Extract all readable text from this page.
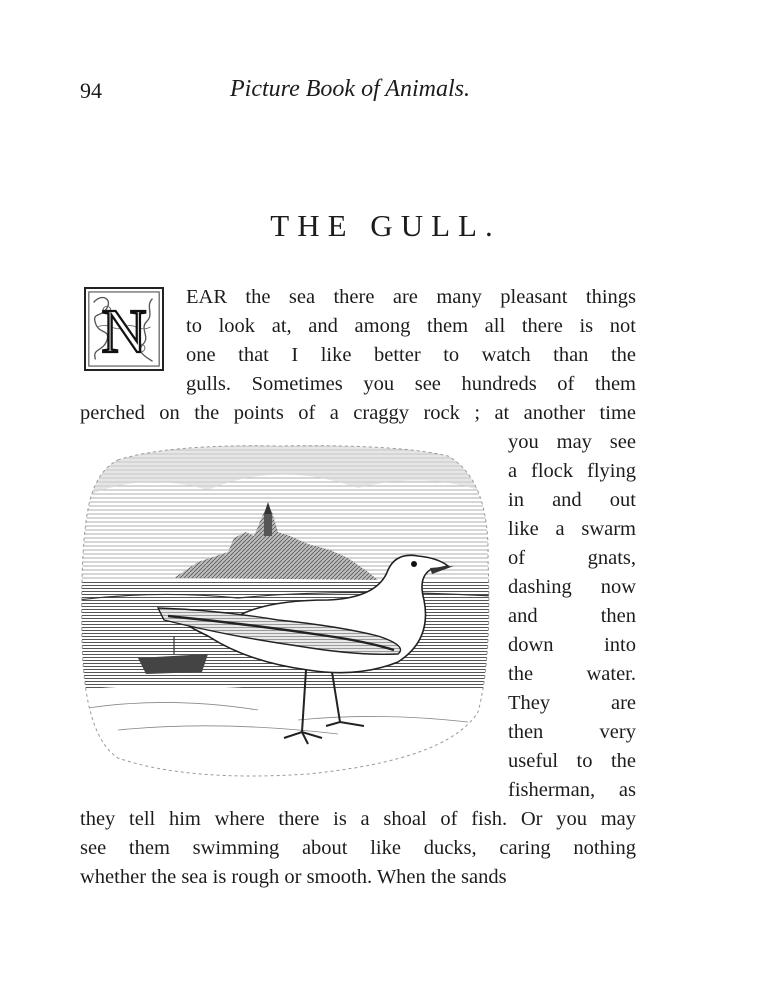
94	Picture Book of Animals.
THE GULL.
N EAR the sea there are many pleasant things
to look at, and among them all there is not
one that I like better to watch than the
gulls. Sometimes you see hundreds of them
perched on the points of a craggy rock ; at another time
you may see
a flock flying
in and out
like a swarm
of gnats,
dashing now
and then
down into
the water.
They are
then very
useful to the
fisherman, as
they tell him where there is a shoal of fish. Or you may
see them swimming about like ducks, caring nothing
whether the sea is rough or smooth. When the sands
